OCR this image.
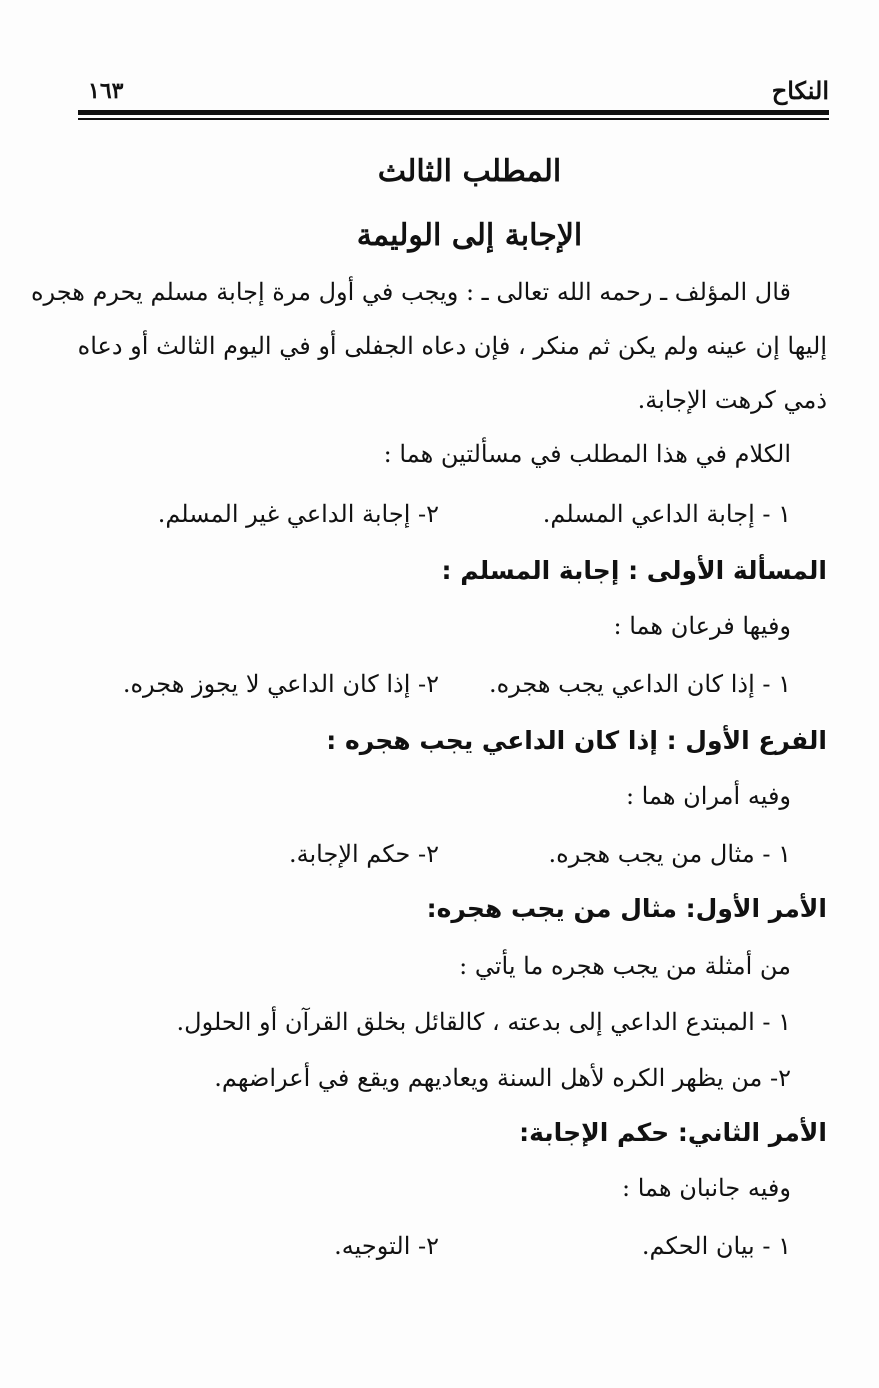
النكاح
١٦٣
المطلب الثالث
الإجابة إلى الوليمة
قال المؤلف ـ رحمه الله تعالى ـ : ويجب في أول مرة إجابة مسلم يحرم هجره
إليها إن عينه ولم يكن ثم منكر ، فإن دعاه الجفلى أو في اليوم الثالث أو دعاه
ذمي كرهت الإجابة.
الكلام في هذا المطلب في مسألتين هما :
١ - إجابة الداعي المسلم.
٢- إجابة الداعي غير المسلم.
المسألة الأولى : إجابة المسلم :
وفيها فرعان هما :
١ - إذا كان الداعي يجب هجره.
٢- إذا كان الداعي لا يجوز هجره.
الفرع الأول : إذا كان الداعي يجب هجره :
وفيه أمران هما :
١ - مثال من يجب هجره.
٢- حكم الإجابة.
الأمر الأول: مثال من يجب هجره:
من أمثلة من يجب هجره ما يأتي :
١ - المبتدع الداعي إلى بدعته ، كالقائل بخلق القرآن أو الحلول.
٢- من يظهر الكره لأهل السنة ويعاديهم ويقع في أعراضهم.
الأمر الثاني: حكم الإجابة:
وفيه جانبان هما :
١ - بيان الحكم.
٢- التوجيه.
